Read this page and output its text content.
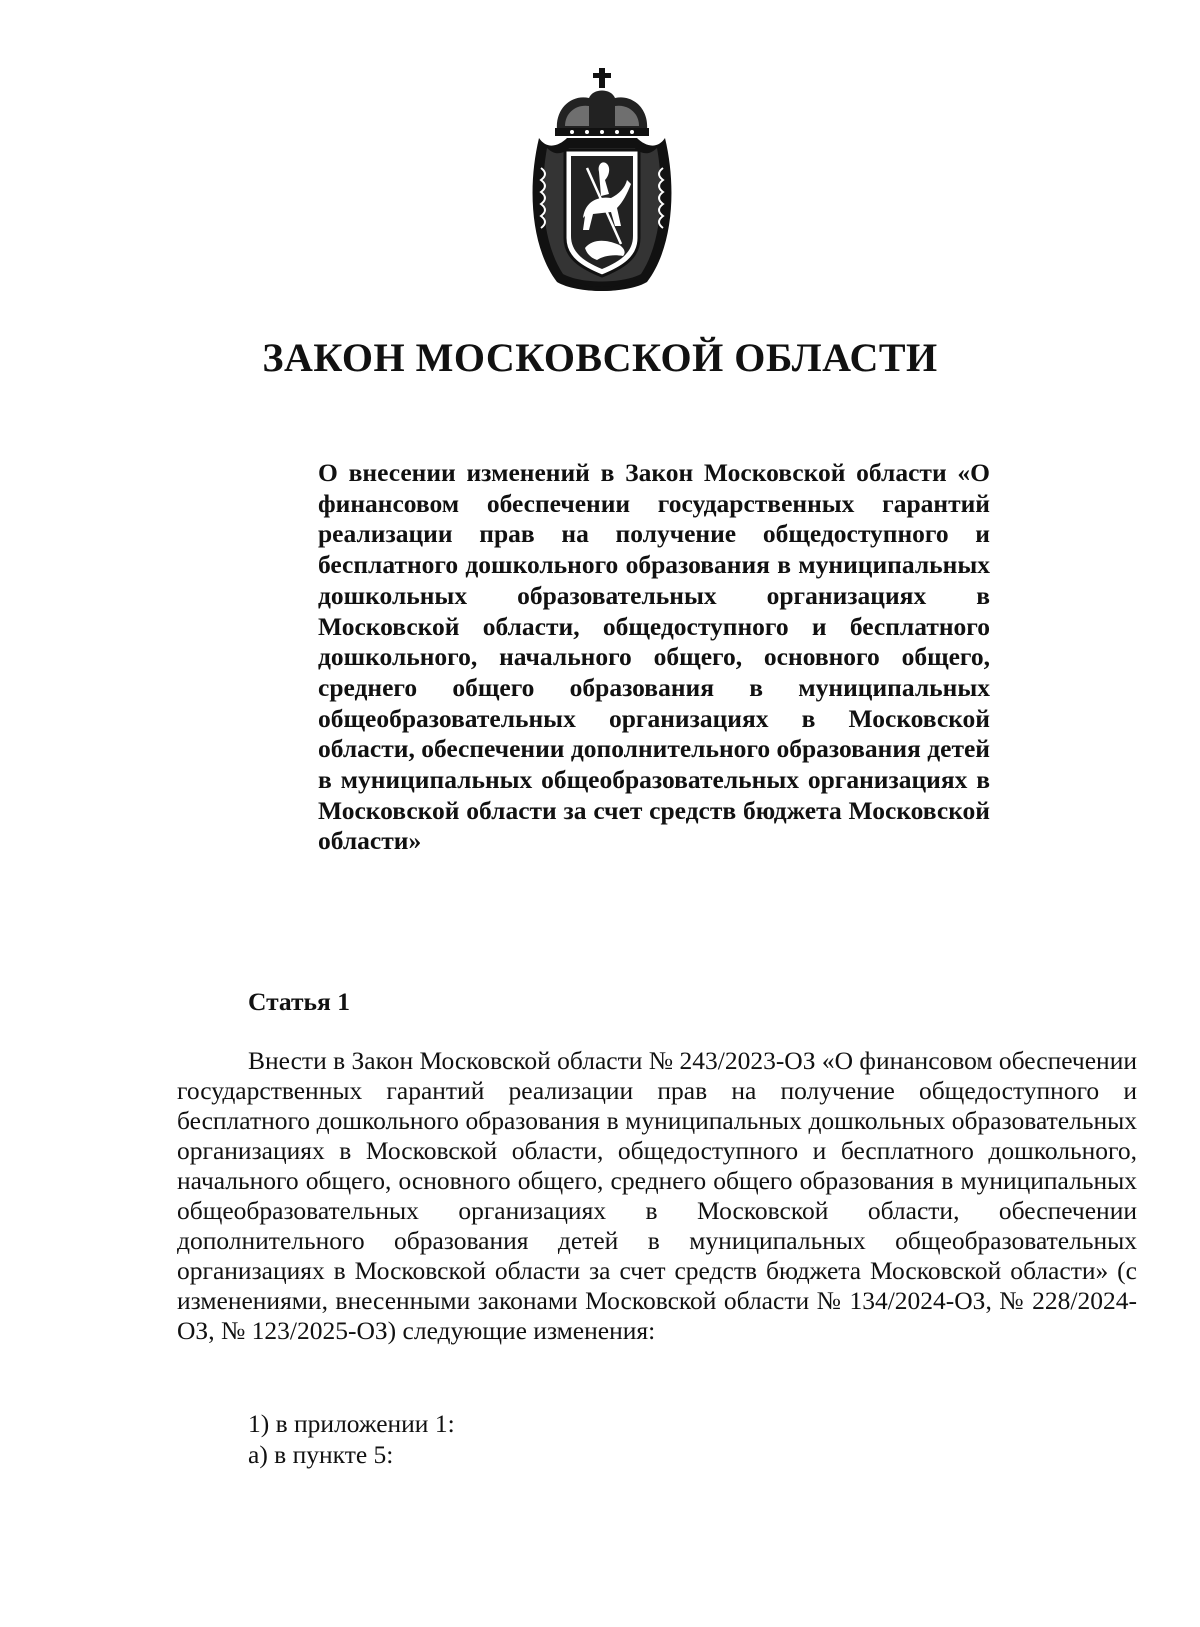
ЗАКОН МОСКОВСКОЙ ОБЛАСТИ

О внесении изменений в Закон Московской области «О финансовом обеспечении государственных гарантий реализации прав на получение общедоступного и бесплатного дошкольного образования в муниципальных дошкольных образовательных организациях в Московской области, общедоступного и бесплатного дошкольного, начального общего, основного общего, среднего общего образования в муниципальных общеобразовательных организациях в Московской области, обеспечении дополнительного образования детей в муниципальных общеобразовательных организациях в Московской области за счет средств бюджета Московской области»

Статья 1

Внести в Закон Московской области № 243/2023-ОЗ «О финансовом обеспечении государственных гарантий реализации прав на получение общедоступного и бесплатного дошкольного образования в муниципальных дошкольных образовательных организациях в Московской области, общедоступного и бесплатного дошкольного, начального общего, основного общего, среднего общего образования в муниципальных общеобразовательных организациях в Московской области, обеспечении дополнительного образования детей в муниципальных общеобразовательных организациях в Московской области за счет средств бюджета Московской области» (с изменениями, внесенными законами Московской области № 134/2024-ОЗ, № 228/2024-ОЗ, № 123/2025-ОЗ) следующие изменения:

1) в приложении 1:
а) в пункте 5:
